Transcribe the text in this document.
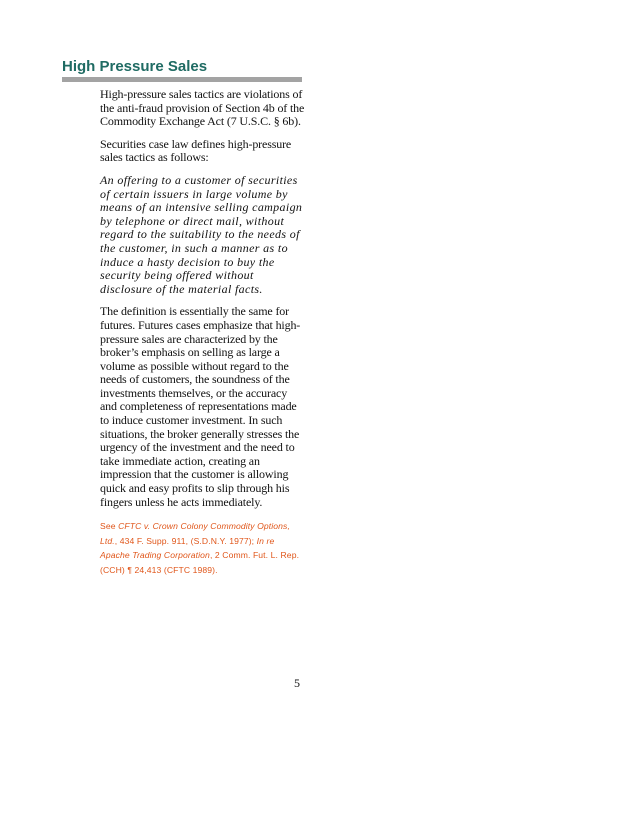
High Pressure Sales

High-pressure sales tactics are violations of the anti-fraud provision of Section 4b of the Commodity Exchange Act (7 U.S.C. § 6b).

Securities case law defines high-pressure sales tactics as follows:

An offering to a customer of securities of certain issuers in large volume by means of an intensive selling campaign by telephone or direct mail, without regard to the suitability to the needs of the customer, in such a manner as to induce a hasty decision to buy the security being offered without disclosure of the material facts.

The definition is essentially the same for futures. Futures cases emphasize that high-pressure sales are characterized by the broker’s emphasis on selling as large a volume as possible without regard to the needs of customers, the soundness of the investments themselves, or the accuracy and completeness of representations made to induce customer investment. In such situations, the broker generally stresses the urgency of the investment and the need to take immediate action, creating an impression that the customer is allowing quick and easy profits to slip through his fingers unless he acts immediately.

See CFTC v. Crown Colony Commodity Options, Ltd., 434 F. Supp. 911, (S.D.N.Y. 1977); In re Apache Trading Corporation, 2 Comm. Fut. L. Rep. (CCH) ¶ 24,413 (CFTC 1989).
5
